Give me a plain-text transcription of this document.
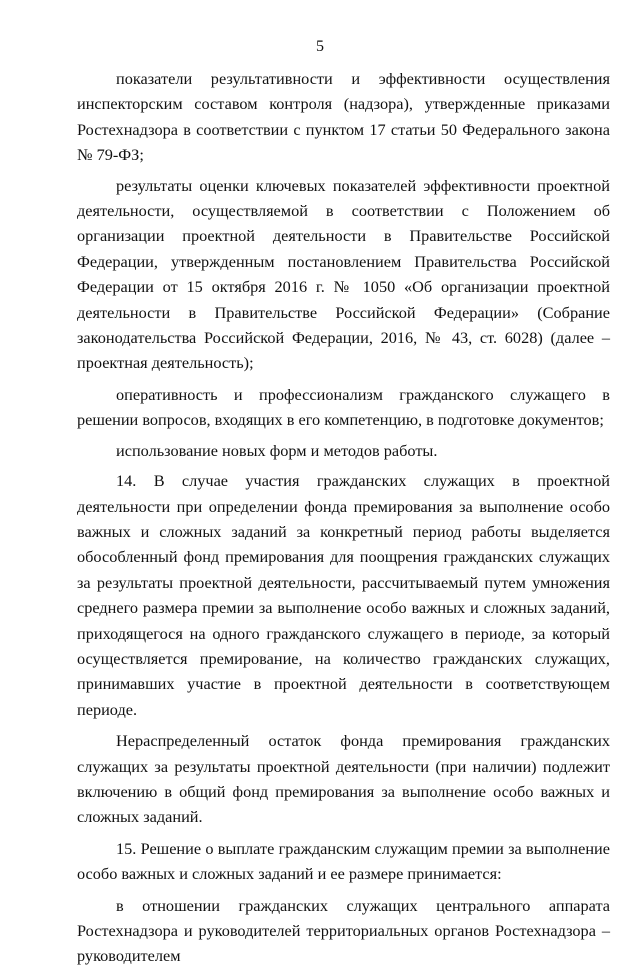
5

показатели результативности и эффективности осуществления инспекторским составом контроля (надзора), утвержденные приказами Ростехнадзора в соответствии с пунктом 17 статьи 50 Федерального закона № 79-ФЗ;

результаты оценки ключевых показателей эффективности проектной деятельности, осуществляемой в соответствии с Положением об организации проектной деятельности в Правительстве Российской Федерации, утвержденным постановлением Правительства Российской Федерации от 15 октября 2016 г. № 1050 «Об организации проектной деятельности в Правительстве Российской Федерации» (Собрание законодательства Российской Федерации, 2016, № 43, ст. 6028) (далее – проектная деятельность);

оперативность и профессионализм гражданского служащего в решении вопросов, входящих в его компетенцию, в подготовке документов;

использование новых форм и методов работы.

14. В случае участия гражданских служащих в проектной деятельности при определении фонда премирования за выполнение особо важных и сложных заданий за конкретный период работы выделяется обособленный фонд премирования для поощрения гражданских служащих за результаты проектной деятельности, рассчитываемый путем умножения среднего размера премии за выполнение особо важных и сложных заданий, приходящегося на одного гражданского служащего в периоде, за который осуществляется премирование, на количество гражданских служащих, принимавших участие в проектной деятельности в соответствующем периоде.

Нераспределенный остаток фонда премирования гражданских служащих за результаты проектной деятельности (при наличии) подлежит включению в общий фонд премирования за выполнение особо важных и сложных заданий.

15. Решение о выплате гражданским служащим премии за выполнение особо важных и сложных заданий и ее размере принимается:

в отношении гражданских служащих центрального аппарата Ростехнадзора и руководителей территориальных органов Ростехнадзора – руководителем
